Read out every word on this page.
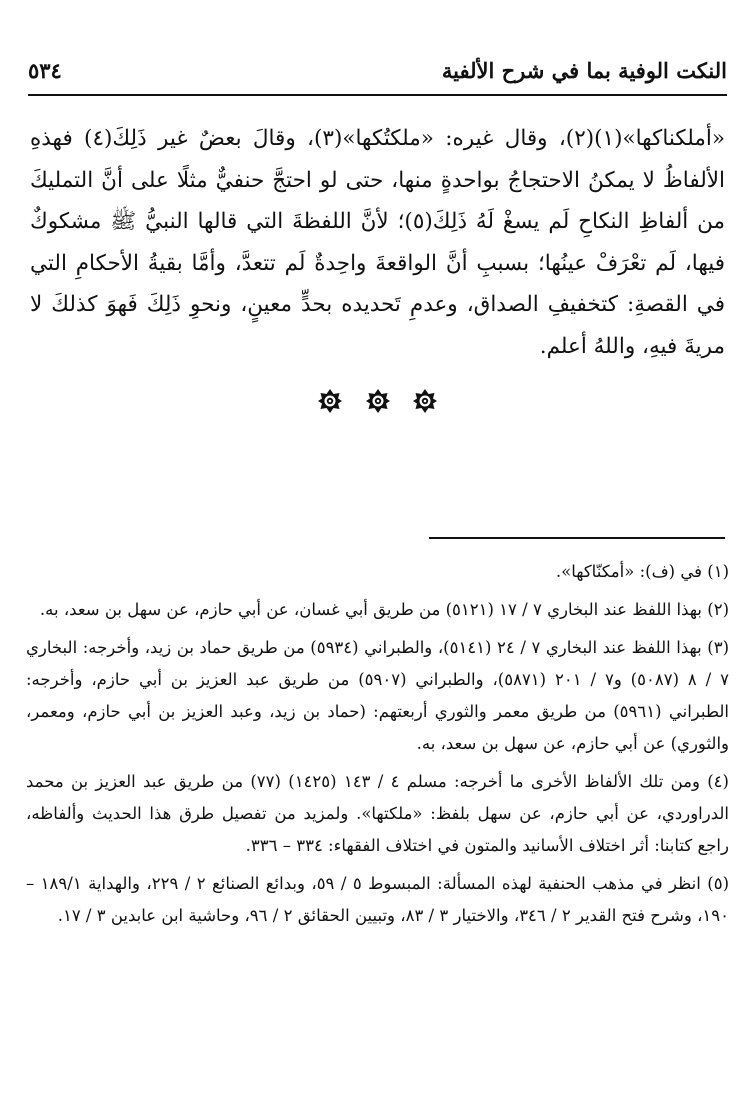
النكت الوفية بما في شرح الألفية
٥٣٤
«أملكناكها»(١)(٢)، وقال غيره: «ملكتُكها»(٣)، وقالَ بعضٌ غير ذَلِكَ(٤) فهذهِ الألفاظُ لا يمكنُ الاحتجاجُ بواحدةٍ منها، حتى لو احتجَّ حنفيٌّ مثلًا على أنَّ التمليكَ من ألفاظِ النكاحِ لَم يسغْ لَهُ ذَلِكَ(٥)؛ لأنَّ اللفظةَ التي قالها النبيُّ ﷺ مشكوكٌ فيها، لَم تعْرَفْ عينُها؛ بسببِ أنَّ الواقعةَ واحِدةٌ لَم تتعدَّ، وأمَّا بقيةُ الأحكامِ التي في القصةِ: كتخفيفِ الصداق، وعدمِ تَحديده بحدٍّ معينٍ، ونحوِ ذَلِكَ فَهوَ كذلكَ لا مريةَ فيهِ، واللهُ أعلم.

(١) في (ف): «أمكنّاكها».
(٢) بهذا اللفظ عند البخاري ٧ / ١٧ (٥١٢١) من طريق أبي غسان، عن أبي حازم، عن سهل بن سعد، به.
(٣) بهذا اللفظ عند البخاري ٧ / ٢٤ (٥١٤١)، والطبراني (٥٩٣٤) من طريق حماد بن زيد، وأخرجه: البخاري ٧ / ٨ (٥٠٨٧) و٧ / ٢٠١ (٥٨٧١)، والطبراني (٥٩٠٧) من طريق عبد العزيز بن أبي حازم، وأخرجه: الطبراني (٥٩٦١) من طريق معمر والثوري أربعتهم: (حماد بن زيد، وعبد العزيز بن أبي حازم، ومعمر، والثوري) عن أبي حازم، عن سهل بن سعد، به.
(٤) ومن تلك الألفاظ الأخرى ما أخرجه: مسلم ٤ / ١٤٣ (١٤٢٥) (٧٧) من طريق عبد العزيز بن محمد الدراوردي، عن أبي حازم، عن سهل بلفظ: «ملكتها». ولمزيد من تفصيل طرق هذا الحديث وألفاظه، راجع كتابنا: أثر اختلاف الأسانيد والمتون في اختلاف الفقهاء: ٣٣٤ – ٣٣٦.
(٥) انظر في مذهب الحنفية لهذه المسألة: المبسوط ٥ / ٥٩، وبدائع الصنائع ٢ / ٢٢٩، والهداية ١٨٩/١ – ١٩٠، وشرح فتح القدير ٢ / ٣٤٦، والاختيار ٣ / ٨٣، وتبيين الحقائق ٢ / ٩٦، وحاشية ابن عابدين ٣ / ١٧.
